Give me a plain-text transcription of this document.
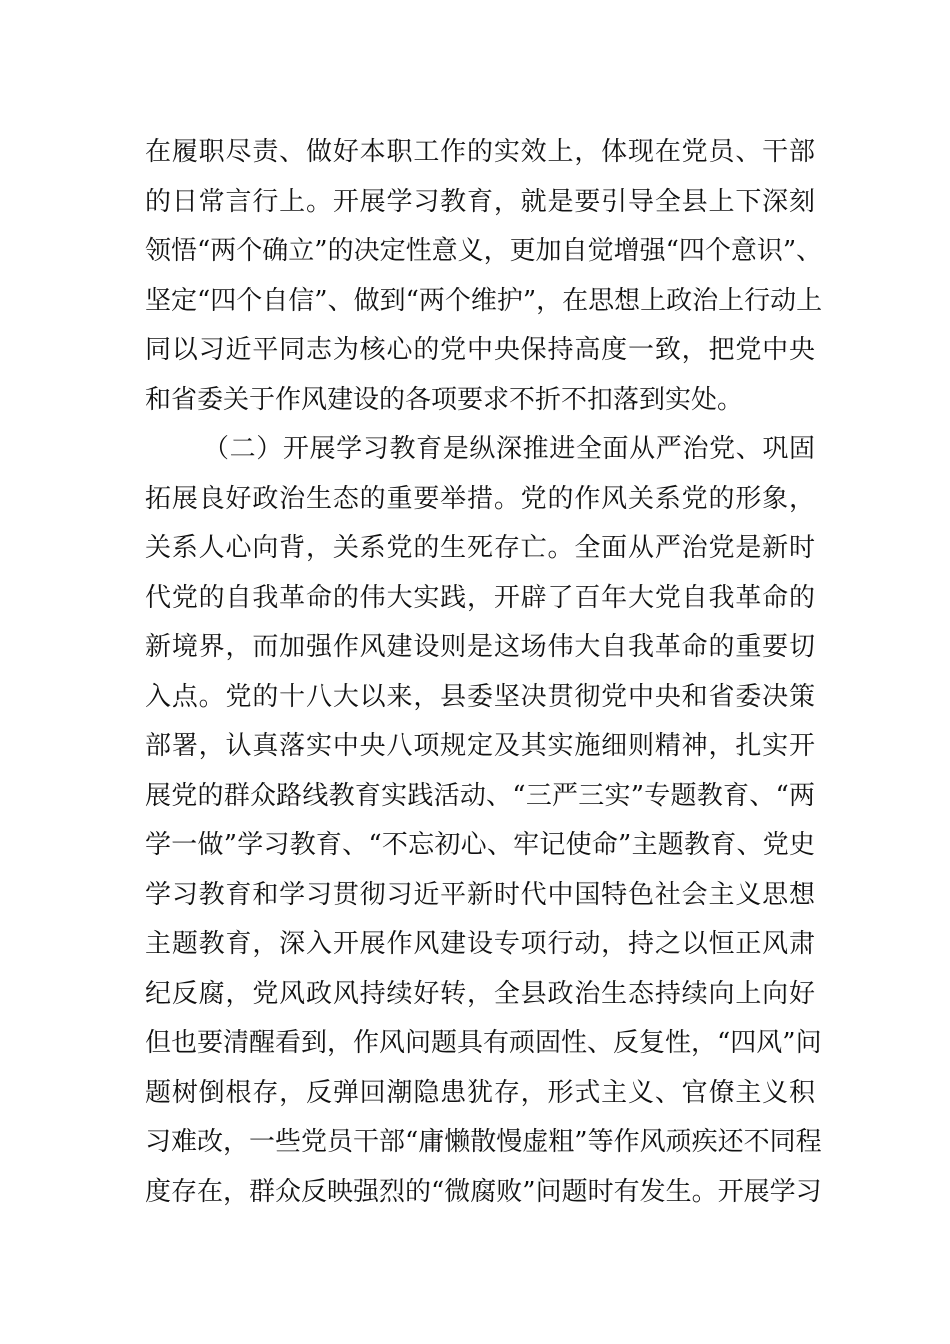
在履职尽责、做好本职工作的实效上，体现在党员、干部
的日常言行上。开展学习教育，就是要引导全县上下深刻
领悟“两个确立”的决定性意义，更加自觉增强“四个意识”、
坚定“四个自信”、做到“两个维护”，在思想上政治上行动上
同以习近平同志为核心的党中央保持高度一致，把党中央
和省委关于作风建设的各项要求不折不扣落到实处。
（二）开展学习教育是纵深推进全面从严治党、巩固
拓展良好政治生态的重要举措。党的作风关系党的形象，
关系人心向背，关系党的生死存亡。全面从严治党是新时
代党的自我革命的伟大实践，开辟了百年大党自我革命的
新境界，而加强作风建设则是这场伟大自我革命的重要切
入点。党的十八大以来，县委坚决贯彻党中央和省委决策
部署，认真落实中央八项规定及其实施细则精神，扎实开
展党的群众路线教育实践活动、“三严三实”专题教育、“两
学一做”学习教育、“不忘初心、牢记使命”主题教育、党史
学习教育和学习贯彻习近平新时代中国特色社会主义思想
主题教育，深入开展作风建设专项行动，持之以恒正风肃
纪反腐，党风政风持续好转，全县政治生态持续向上向好
但也要清醒看到，作风问题具有顽固性、反复性，“四风”问
题树倒根存，反弹回潮隐患犹存，形式主义、官僚主义积
习难改，一些党员干部“庸懒散慢虚粗”等作风顽疾还不同程
度存在，群众反映强烈的“微腐败”问题时有发生。开展学习
